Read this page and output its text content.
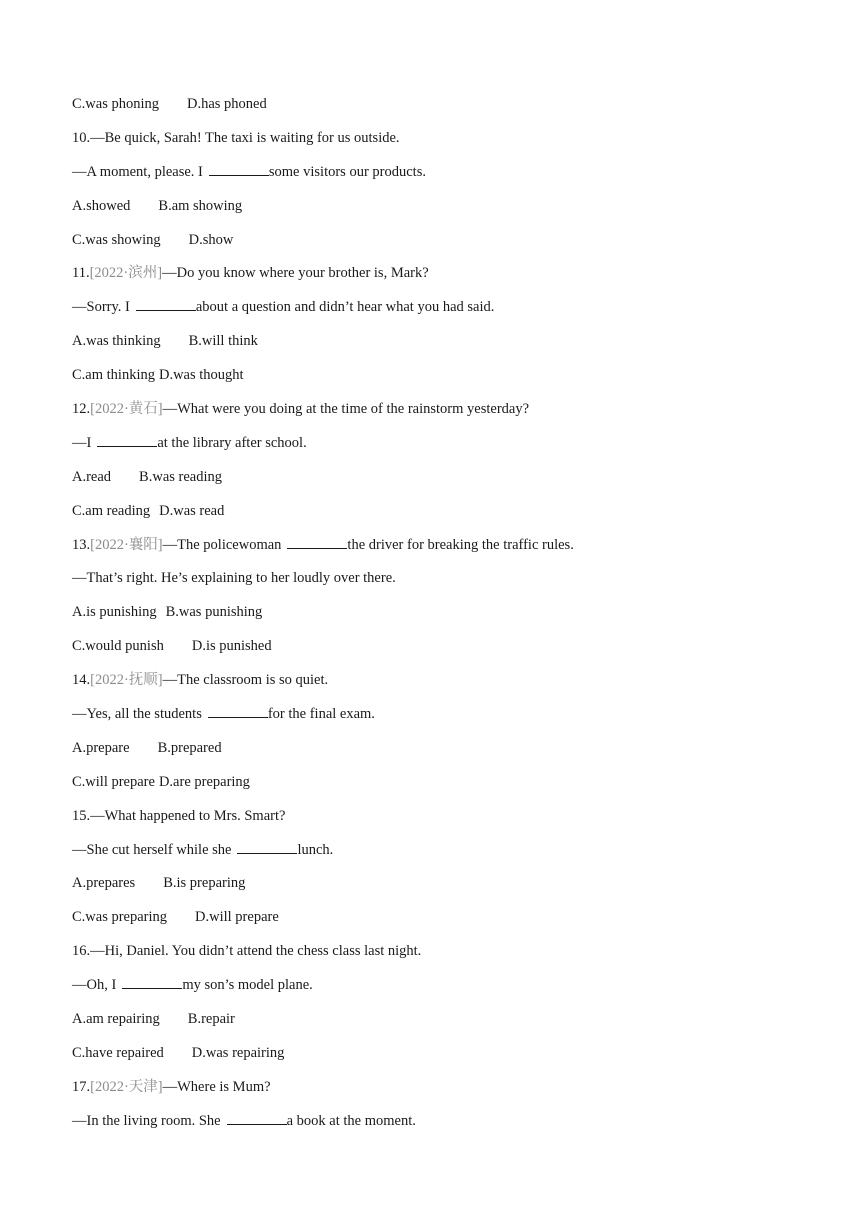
C.was phoning D.has phoned
10.—Be quick, Sarah! The taxi is waiting for us outside.
—A moment, please. I	some visitors our products.
A.showed B.am showing
C.was showing D.show
11.[2022·滨州]—Do you know where your brother is, Mark?
—Sorry. I	about a question and didn’t hear what you had said.
A.was thinking B.will think
C.am thinking D.was thought
12.[2022·黄石]—What were you doing at the time of the rainstorm yesterday?
—I	at the library after school.
A.read B.was reading
C.am reading D.was read
13.[2022·襄阳]—The policewoman	the driver for breaking the traffic rules.
—That’s right. He’s explaining to her loudly over there.
A.is punishing B.was punishing
C.would punish D.is punished
14.[2022·抚顺]—The classroom is so quiet.
—Yes, all the students	for the final exam.
A.prepare B.prepared
C.will prepare D.are preparing
15.—What happened to Mrs. Smart?
—She cut herself while she	lunch.
A.prepares B.is preparing
C.was preparing D.will prepare
16.—Hi, Daniel. You didn’t attend the chess class last night.
—Oh, I	my son’s model plane.
A.am repairing B.repair
C.have repaired D.was repairing
17.[2022·天津]—Where is Mum?
—In the living room. She	a book at the moment.
